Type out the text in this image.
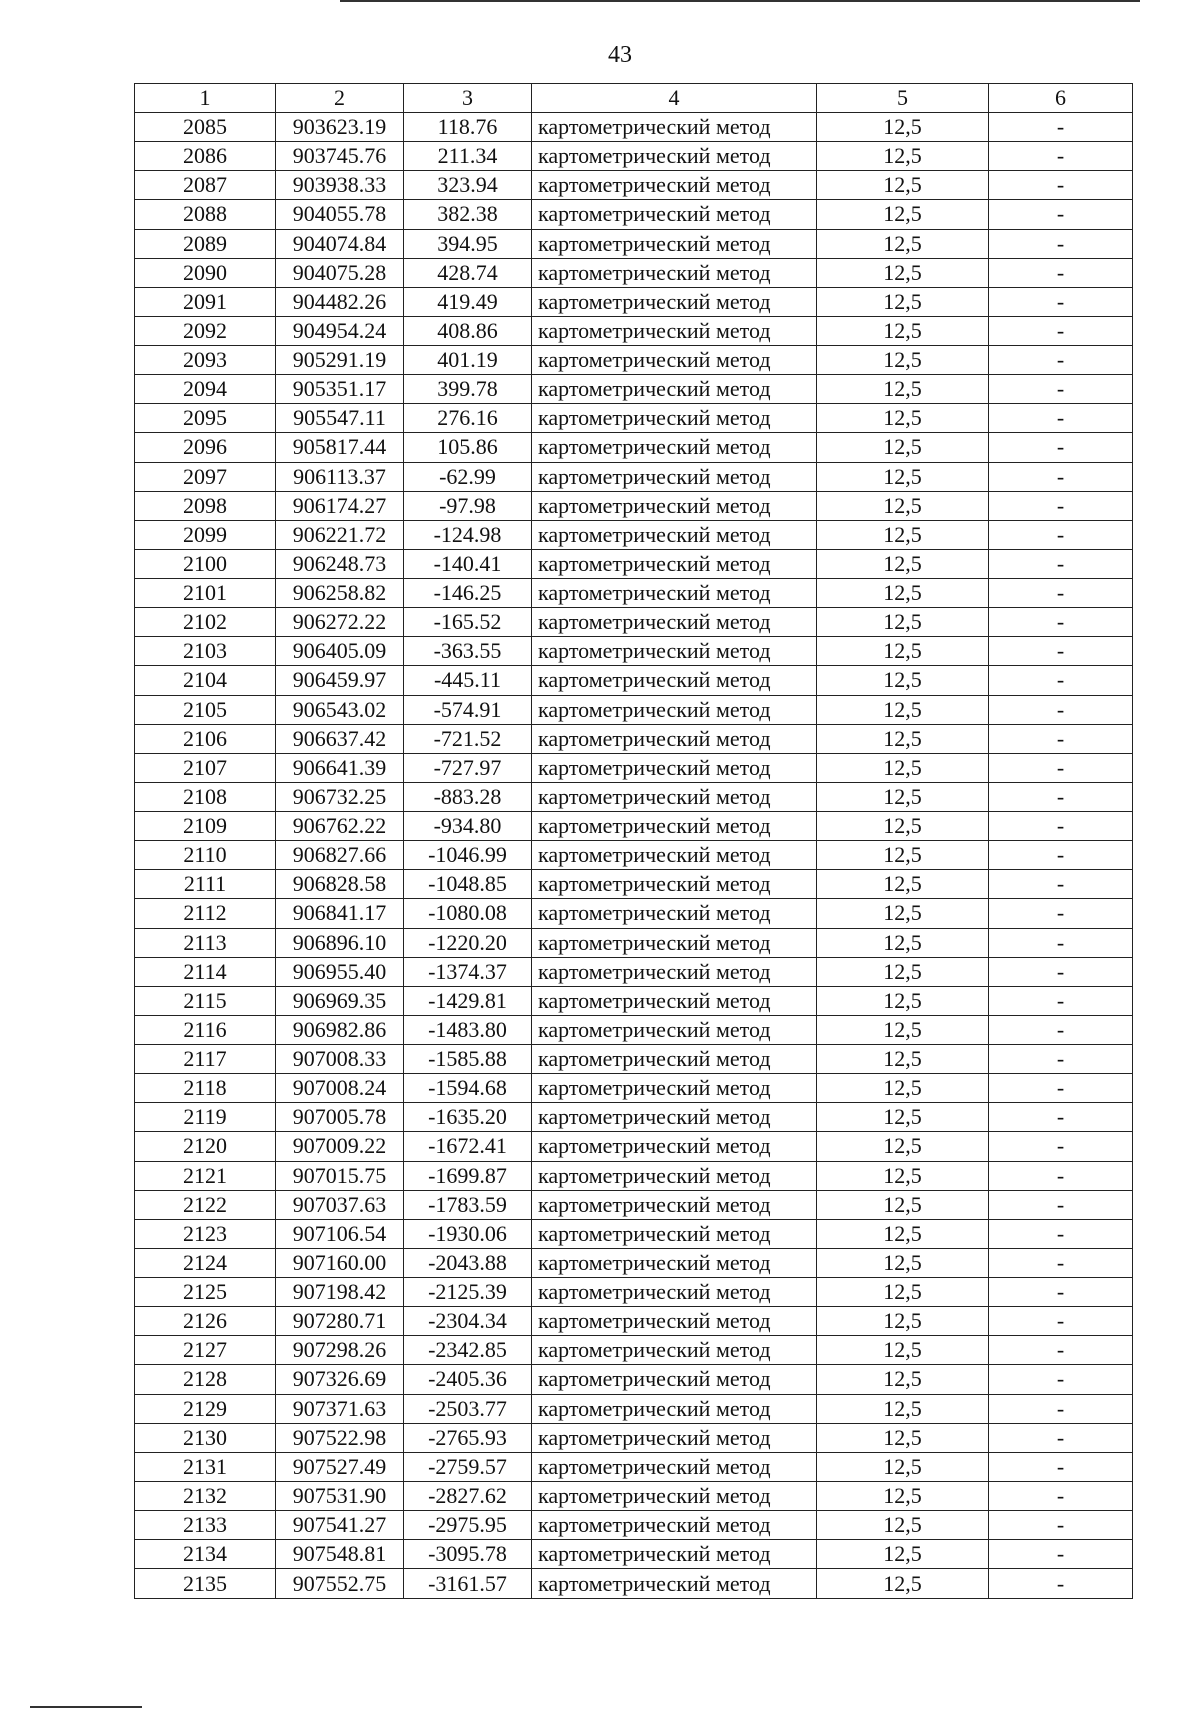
43
1	2	3	4	5	6
2085	903623.19	118.76	картометрический метод	12,5	-
2086	903745.76	211.34	картометрический метод	12,5	-
2087	903938.33	323.94	картометрический метод	12,5	-
2088	904055.78	382.38	картометрический метод	12,5	-
2089	904074.84	394.95	картометрический метод	12,5	-
2090	904075.28	428.74	картометрический метод	12,5	-
2091	904482.26	419.49	картометрический метод	12,5	-
2092	904954.24	408.86	картометрический метод	12,5	-
2093	905291.19	401.19	картометрический метод	12,5	-
2094	905351.17	399.78	картометрический метод	12,5	-
2095	905547.11	276.16	картометрический метод	12,5	-
2096	905817.44	105.86	картометрический метод	12,5	-
2097	906113.37	-62.99	картометрический метод	12,5	-
2098	906174.27	-97.98	картометрический метод	12,5	-
2099	906221.72	-124.98	картометрический метод	12,5	-
2100	906248.73	-140.41	картометрический метод	12,5	-
2101	906258.82	-146.25	картометрический метод	12,5	-
2102	906272.22	-165.52	картометрический метод	12,5	-
2103	906405.09	-363.55	картометрический метод	12,5	-
2104	906459.97	-445.11	картометрический метод	12,5	-
2105	906543.02	-574.91	картометрический метод	12,5	-
2106	906637.42	-721.52	картометрический метод	12,5	-
2107	906641.39	-727.97	картометрический метод	12,5	-
2108	906732.25	-883.28	картометрический метод	12,5	-
2109	906762.22	-934.80	картометрический метод	12,5	-
2110	906827.66	-1046.99	картометрический метод	12,5	-
2111	906828.58	-1048.85	картометрический метод	12,5	-
2112	906841.17	-1080.08	картометрический метод	12,5	-
2113	906896.10	-1220.20	картометрический метод	12,5	-
2114	906955.40	-1374.37	картометрический метод	12,5	-
2115	906969.35	-1429.81	картометрический метод	12,5	-
2116	906982.86	-1483.80	картометрический метод	12,5	-
2117	907008.33	-1585.88	картометрический метод	12,5	-
2118	907008.24	-1594.68	картометрический метод	12,5	-
2119	907005.78	-1635.20	картометрический метод	12,5	-
2120	907009.22	-1672.41	картометрический метод	12,5	-
2121	907015.75	-1699.87	картометрический метод	12,5	-
2122	907037.63	-1783.59	картометрический метод	12,5	-
2123	907106.54	-1930.06	картометрический метод	12,5	-
2124	907160.00	-2043.88	картометрический метод	12,5	-
2125	907198.42	-2125.39	картометрический метод	12,5	-
2126	907280.71	-2304.34	картометрический метод	12,5	-
2127	907298.26	-2342.85	картометрический метод	12,5	-
2128	907326.69	-2405.36	картометрический метод	12,5	-
2129	907371.63	-2503.77	картометрический метод	12,5	-
2130	907522.98	-2765.93	картометрический метод	12,5	-
2131	907527.49	-2759.57	картометрический метод	12,5	-
2132	907531.90	-2827.62	картометрический метод	12,5	-
2133	907541.27	-2975.95	картометрический метод	12,5	-
2134	907548.81	-3095.78	картометрический метод	12,5	-
2135	907552.75	-3161.57	картометрический метод	12,5	-
